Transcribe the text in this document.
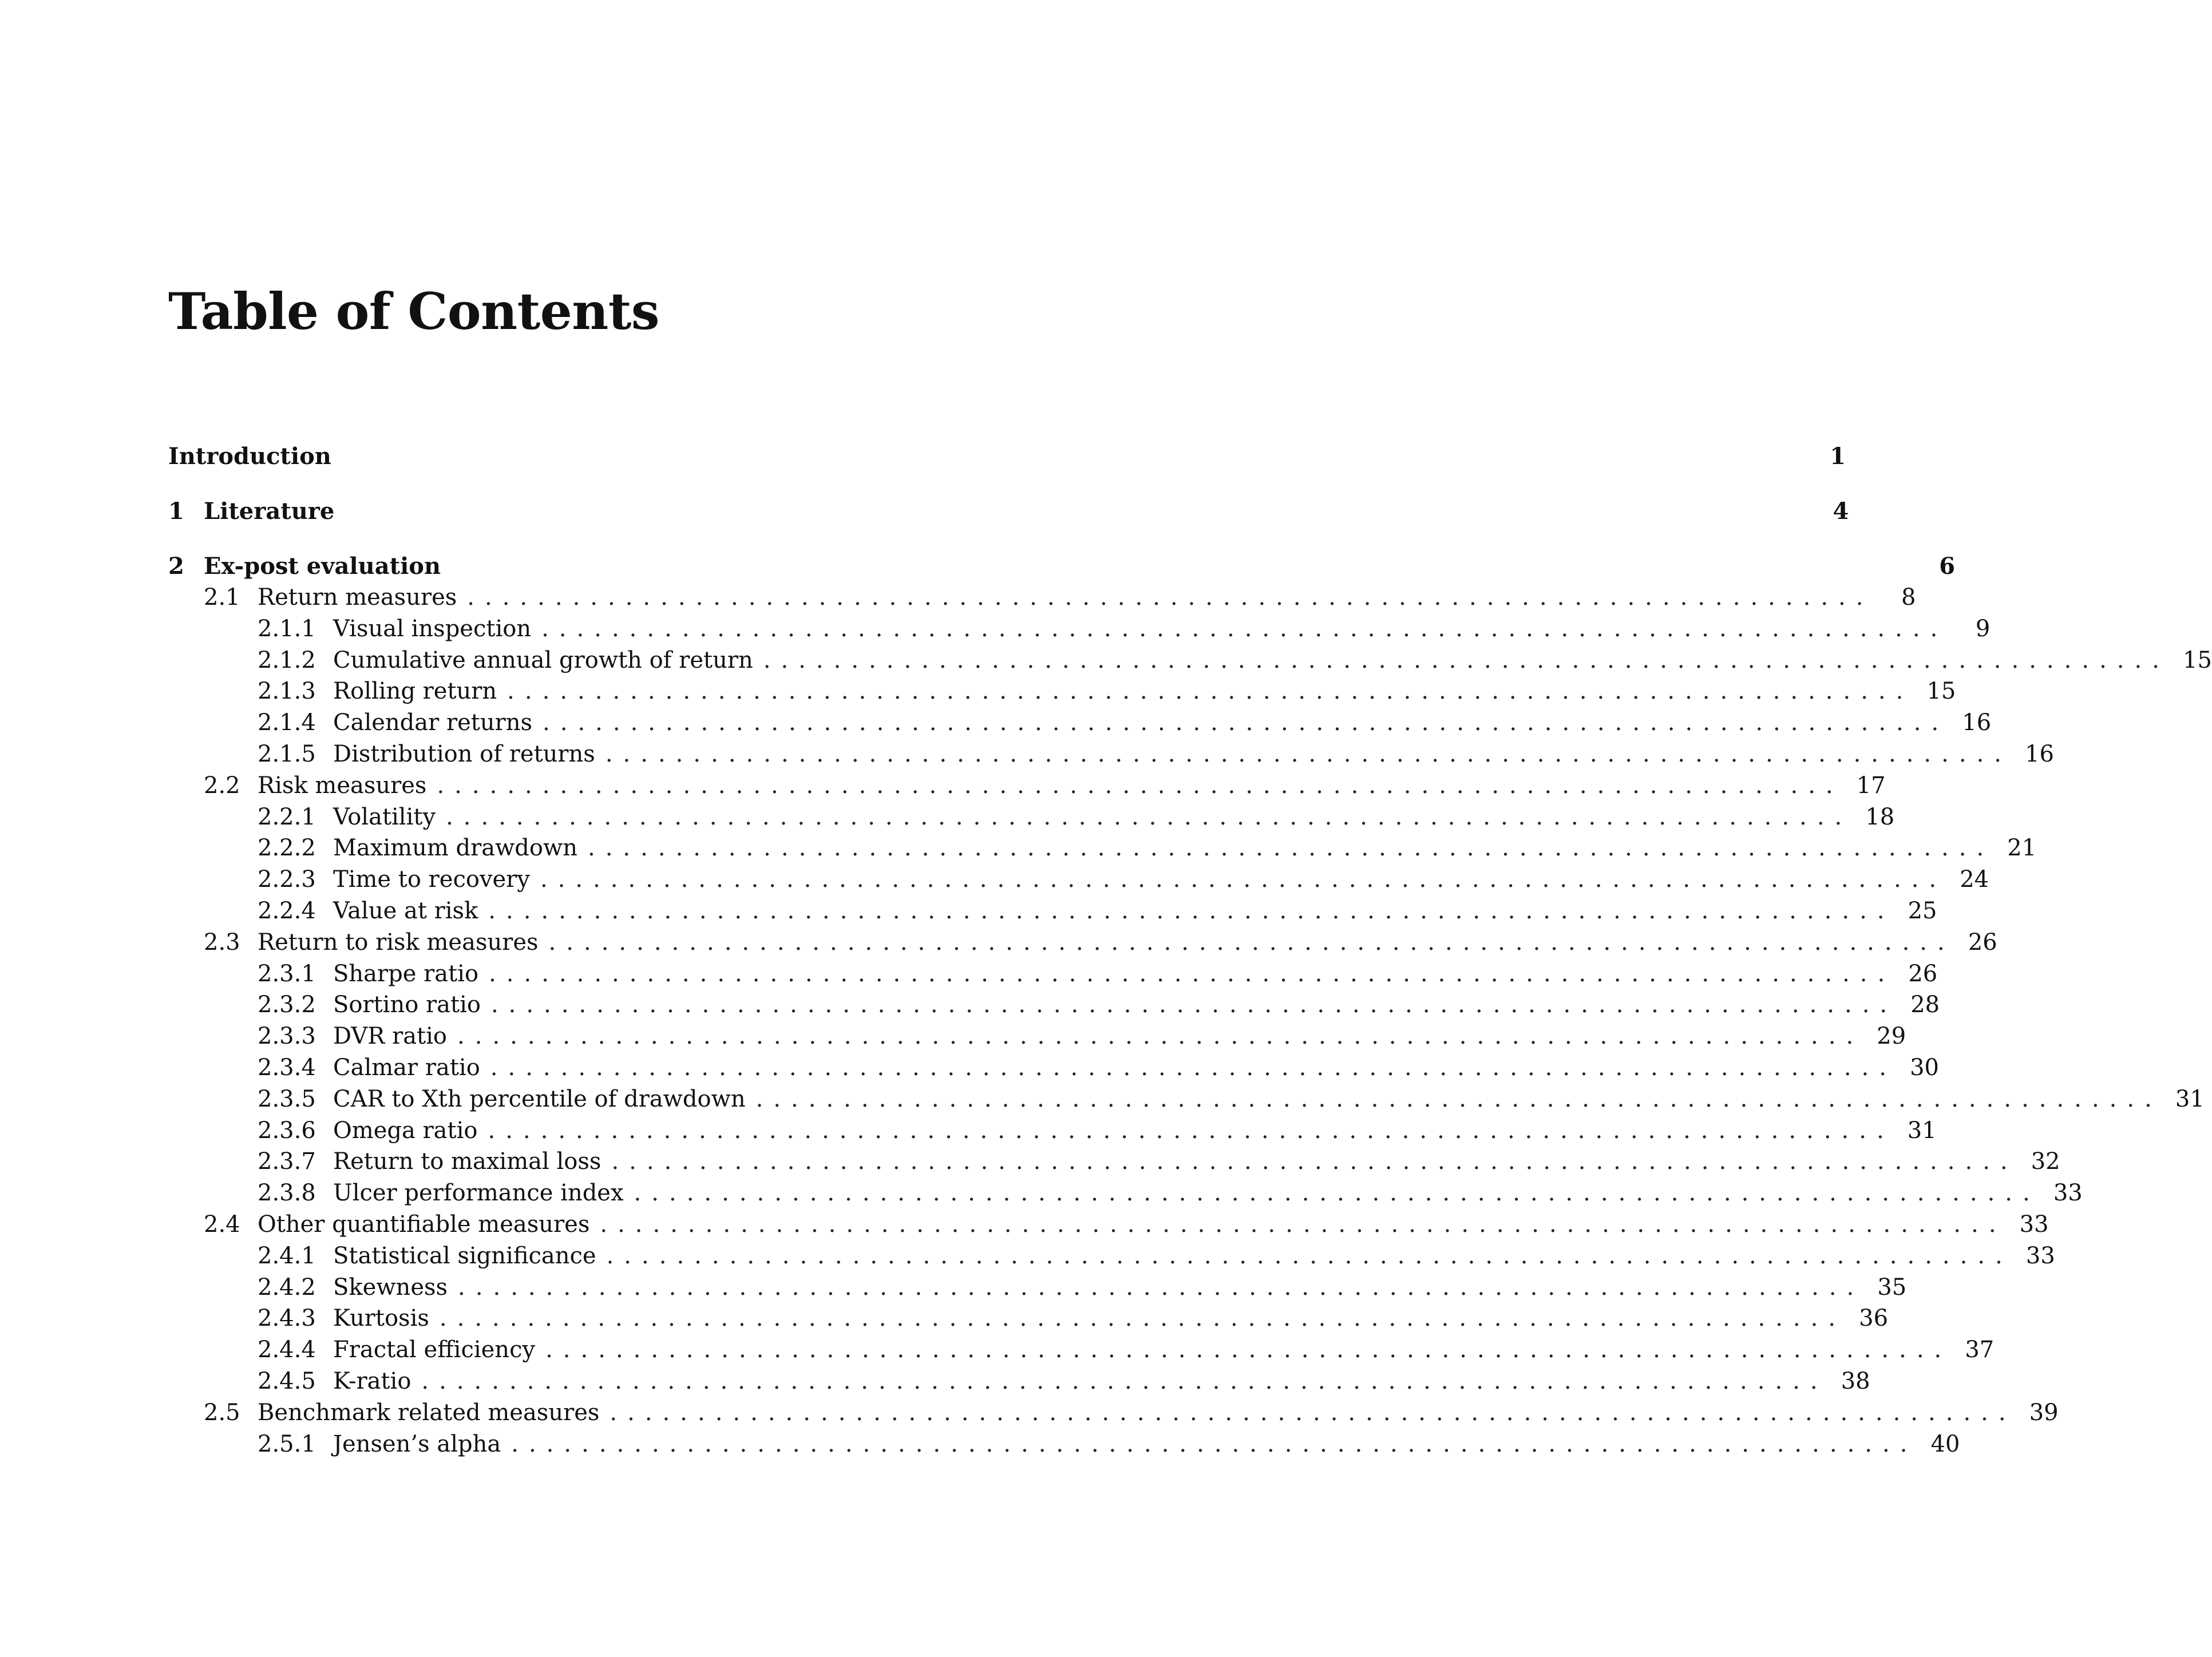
Table of Contents
Introduction	1
1 Literature	4
2 Ex-post evaluation	6
2.1 Return measures ................................................................................	8
2.1.1 Visual inspection ................................................................................	9
2.1.2 Cumulative annual growth of return ................................................................................ 15
2.1.3 Rolling return ................................................................................ 15
2.1.4 Calendar returns ................................................................................ 16
2.1.5 Distribution of returns ................................................................................ 16
2.2 Risk measures ................................................................................ 17
2.2.1 Volatility ................................................................................ 18
2.2.2 Maximum drawdown ................................................................................ 21
2.2.3 Time to recovery ................................................................................ 24
2.2.4 Value at risk ................................................................................ 25
2.3 Return to risk measures ................................................................................ 26
2.3.1 Sharpe ratio ................................................................................ 26
2.3.2 Sortino ratio ................................................................................ 28
2.3.3 DVR ratio ................................................................................ 29
2.3.4 Calmar ratio ................................................................................ 30
2.3.5 CAR to Xth percentile of drawdown ................................................................................ 31
2.3.6 Omega ratio ................................................................................ 31
2.3.7 Return to maximal loss ................................................................................ 32
2.3.8 Ulcer performance index ................................................................................ 33
2.4 Other quantifiable measures ................................................................................ 33
2.4.1 Statistical significance ................................................................................ 33
2.4.2 Skewness ................................................................................ 35
2.4.3 Kurtosis ................................................................................ 36
2.4.4 Fractal efficiency ................................................................................ 37
2.4.5 K-ratio ................................................................................ 38
2.5 Benchmark related measures ................................................................................ 39
2.5.1 Jensen’s alpha ................................................................................ 40
